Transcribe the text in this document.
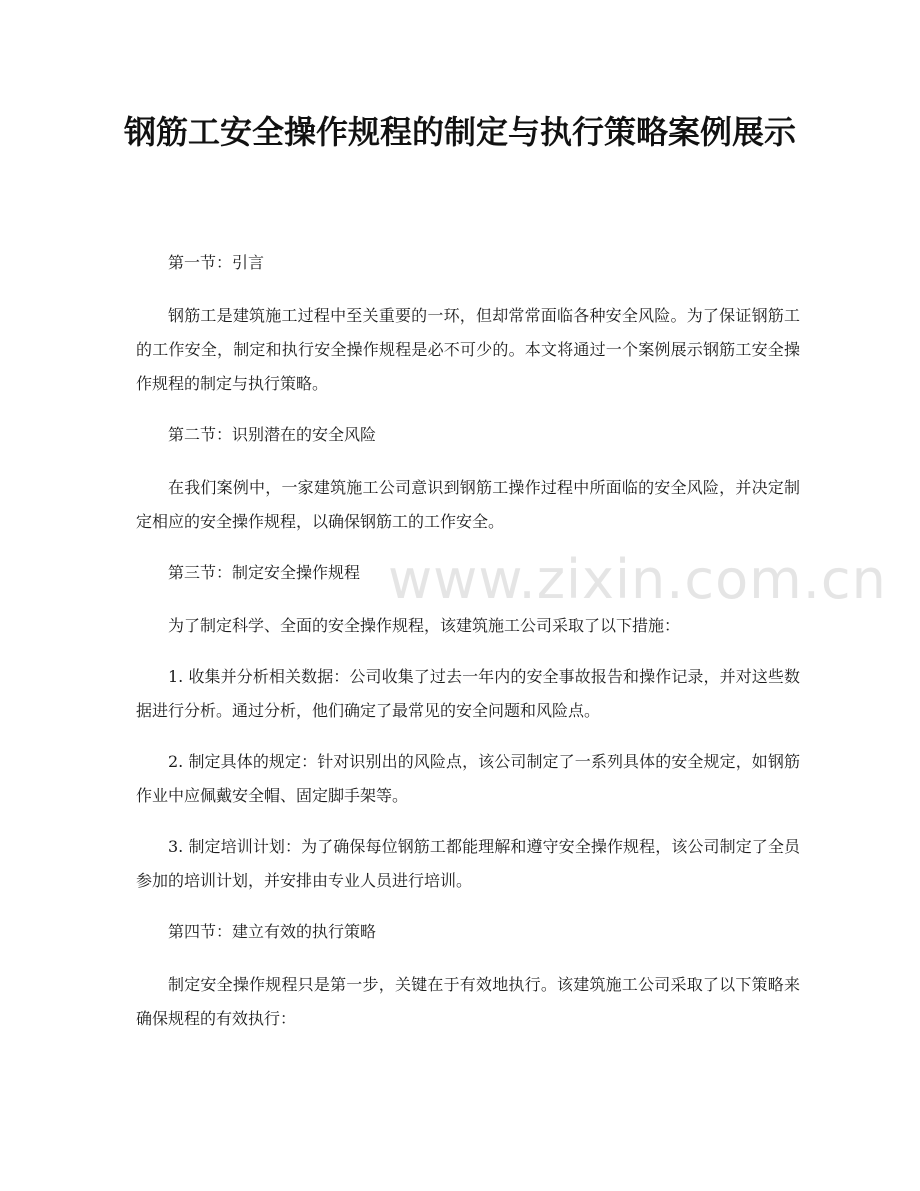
钢筋工安全操作规程的制定与执行策略案例展示

第一节：引言

钢筋工是建筑施工过程中至关重要的一环，但却常常面临各种安全风险。为了保证钢筋工的工作安全，制定和执行安全操作规程是必不可少的。本文将通过一个案例展示钢筋工安全操作规程的制定与执行策略。

第二节：识别潜在的安全风险

在我们案例中，一家建筑施工公司意识到钢筋工操作过程中所面临的安全风险，并决定制定相应的安全操作规程，以确保钢筋工的工作安全。

第三节：制定安全操作规程

为了制定科学、全面的安全操作规程，该建筑施工公司采取了以下措施：

1. 收集并分析相关数据：公司收集了过去一年内的安全事故报告和操作记录，并对这些数据进行分析。通过分析，他们确定了最常见的安全问题和风险点。

2. 制定具体的规定：针对识别出的风险点，该公司制定了一系列具体的安全规定，如钢筋作业中应佩戴安全帽、固定脚手架等。

3. 制定培训计划：为了确保每位钢筋工都能理解和遵守安全操作规程，该公司制定了全员参加的培训计划，并安排由专业人员进行培训。

第四节：建立有效的执行策略

制定安全操作规程只是第一步，关键在于有效地执行。该建筑施工公司采取了以下策略来确保规程的有效执行：

www.zixin.com.cn
